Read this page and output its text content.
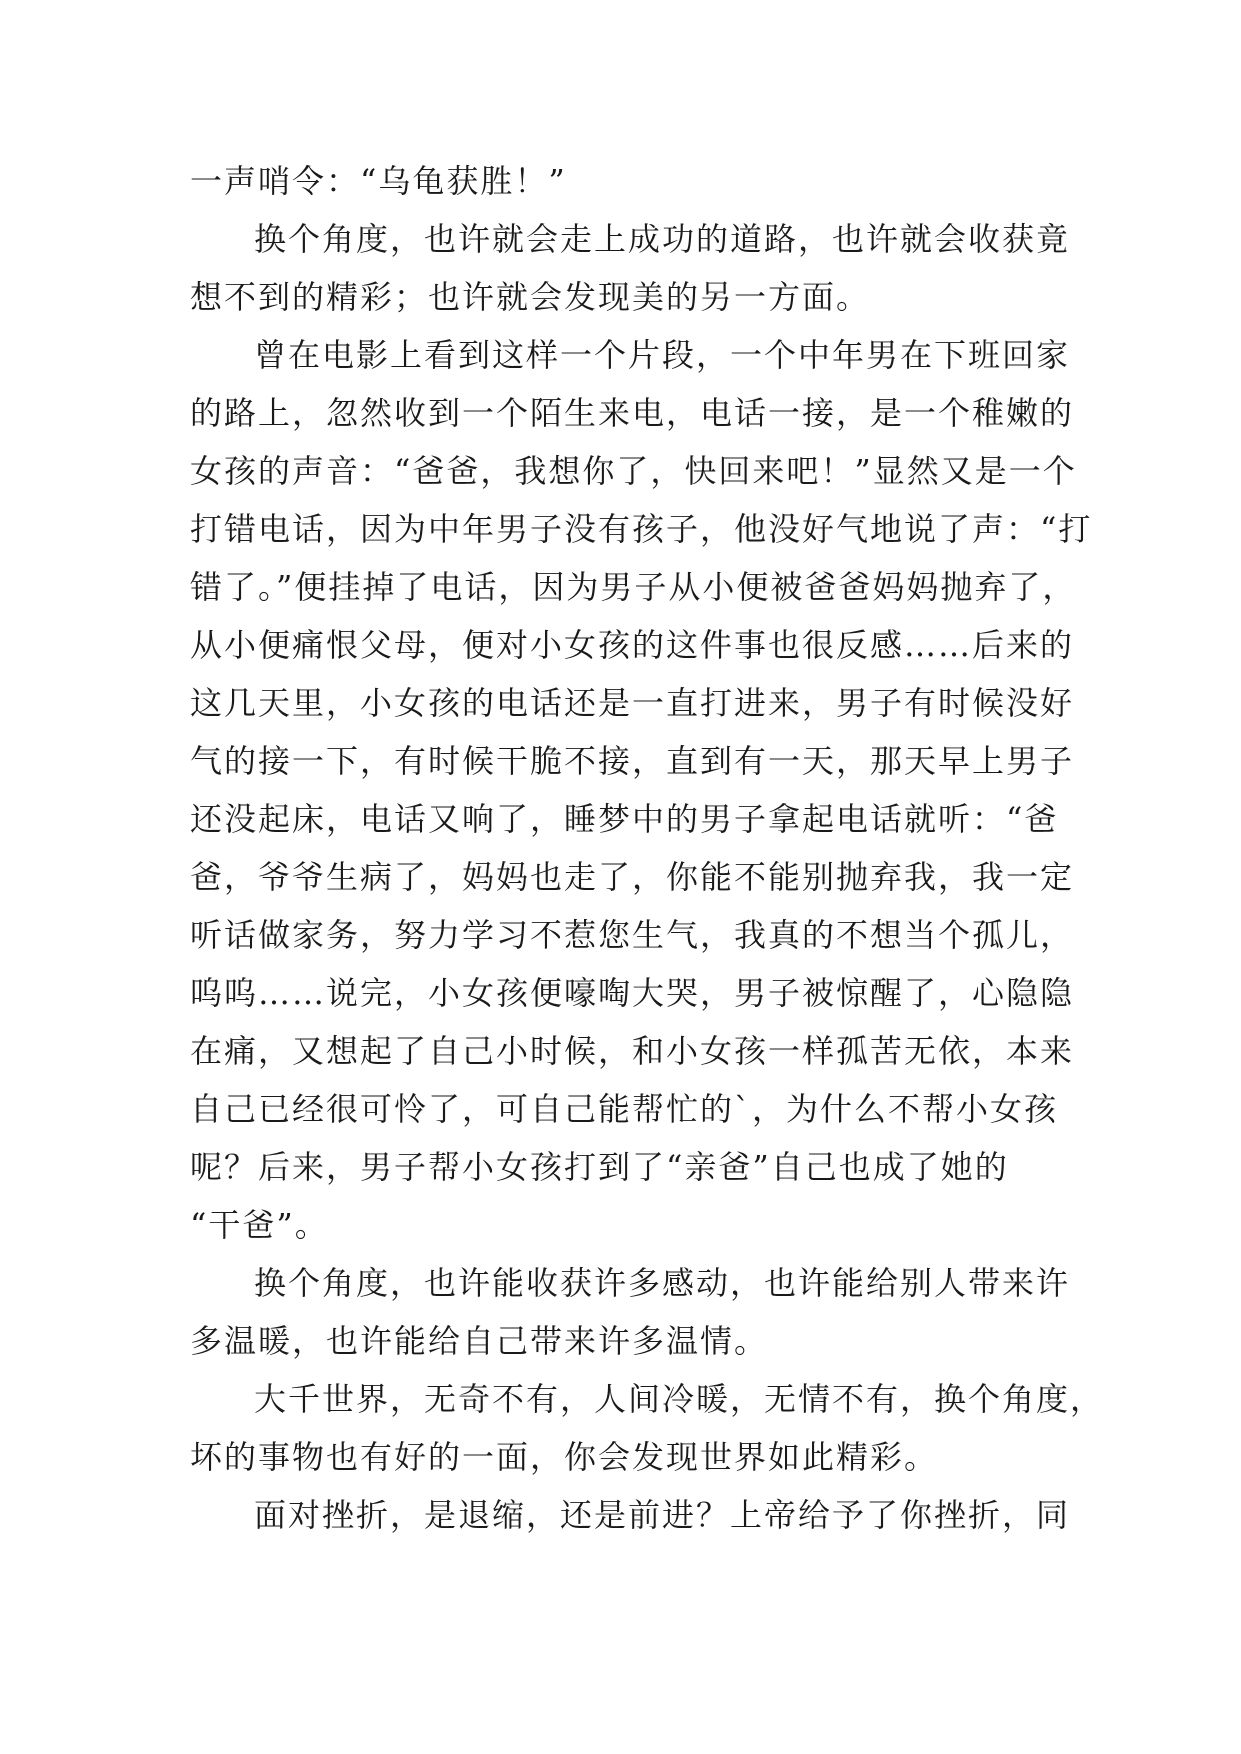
一声哨令：“乌龟获胜！”
换个角度，也许就会走上成功的道路，也许就会收获竟
想不到的精彩；也许就会发现美的另一方面。
曾在电影上看到这样一个片段，一个中年男在下班回家
的路上，忽然收到一个陌生来电，电话一接，是一个稚嫩的
女孩的声音：“爸爸，我想你了，快回来吧！”显然又是一个
打错电话，因为中年男子没有孩子，他没好气地说了声：“打
错了。”便挂掉了电话，因为男子从小便被爸爸妈妈抛弃了，
从小便痛恨父母，便对小女孩的这件事也很反感……后来的
这几天里，小女孩的电话还是一直打进来，男子有时候没好
气的接一下，有时候干脆不接，直到有一天，那天早上男子
还没起床，电话又响了，睡梦中的男子拿起电话就听：“爸
爸，爷爷生病了，妈妈也走了，你能不能别抛弃我，我一定
听话做家务，努力学习不惹您生气，我真的不想当个孤儿，
呜呜……说完，小女孩便嚎啕大哭，男子被惊醒了，心隐隐
在痛，又想起了自己小时候，和小女孩一样孤苦无依，本来
自己已经很可怜了，可自己能帮忙的`，为什么不帮小女孩
呢？后来，男子帮小女孩打到了“亲爸”自己也成了她的
“干爸”。
换个角度，也许能收获许多感动，也许能给别人带来许
多温暖，也许能给自己带来许多温情。
大千世界，无奇不有，人间冷暖，无情不有，换个角度，
坏的事物也有好的一面，你会发现世界如此精彩。
面对挫折，是退缩，还是前进？上帝给予了你挫折，同
